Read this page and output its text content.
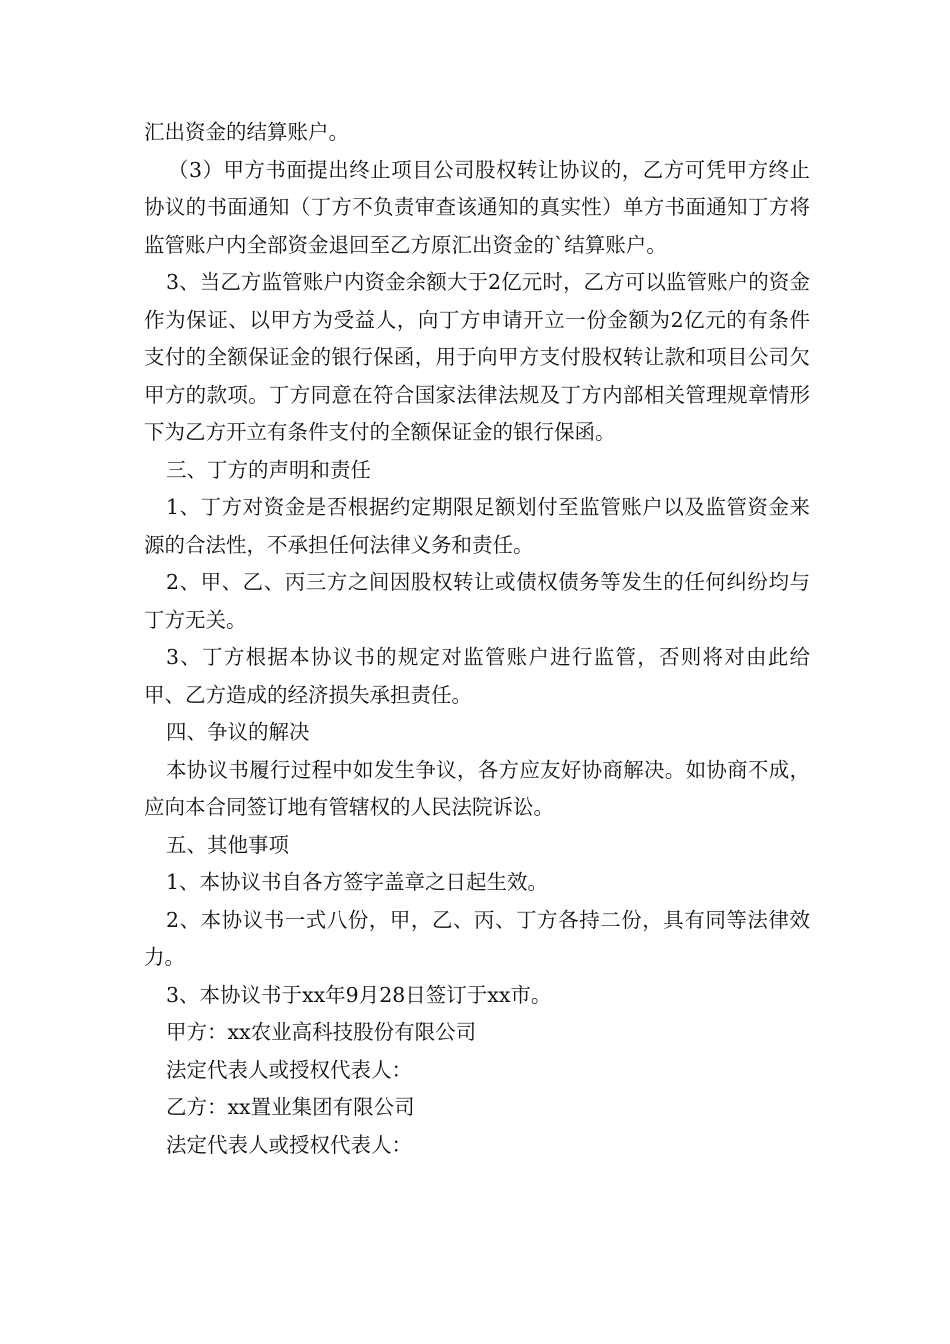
汇出资金的结算账户。

（3）甲方书面提出终止项目公司股权转让协议的，乙方可凭甲方终止协议的书面通知（丁方不负责审查该通知的真实性）单方书面通知丁方将监管账户内全部资金退回至乙方原汇出资金的`结算账户。

3、当乙方监管账户内资金余额大于2亿元时，乙方可以监管账户的资金作为保证、以甲方为受益人，向丁方申请开立一份金额为2亿元的有条件支付的全额保证金的银行保函，用于向甲方支付股权转让款和项目公司欠甲方的款项。丁方同意在符合国家法律法规及丁方内部相关管理规章情形下为乙方开立有条件支付的全额保证金的银行保函。

三、丁方的声明和责任

1、丁方对资金是否根据约定期限足额划付至监管账户以及监管资金来源的合法性，不承担任何法律义务和责任。

2、甲、乙、丙三方之间因股权转让或债权债务等发生的任何纠纷均与丁方无关。

3、丁方根据本协议书的规定对监管账户进行监管，否则将对由此给甲、乙方造成的经济损失承担责任。

四、争议的解决

本协议书履行过程中如发生争议，各方应友好协商解决。如协商不成，应向本合同签订地有管辖权的人民法院诉讼。

五、其他事项

1、本协议书自各方签字盖章之日起生效。

2、本协议书一式八份，甲，乙、丙、丁方各持二份，具有同等法律效力。

3、本协议书于xx年9月28日签订于xx市。

甲方：xx农业高科技股份有限公司

法定代表人或授权代表人：

乙方：xx置业集团有限公司

法定代表人或授权代表人：
